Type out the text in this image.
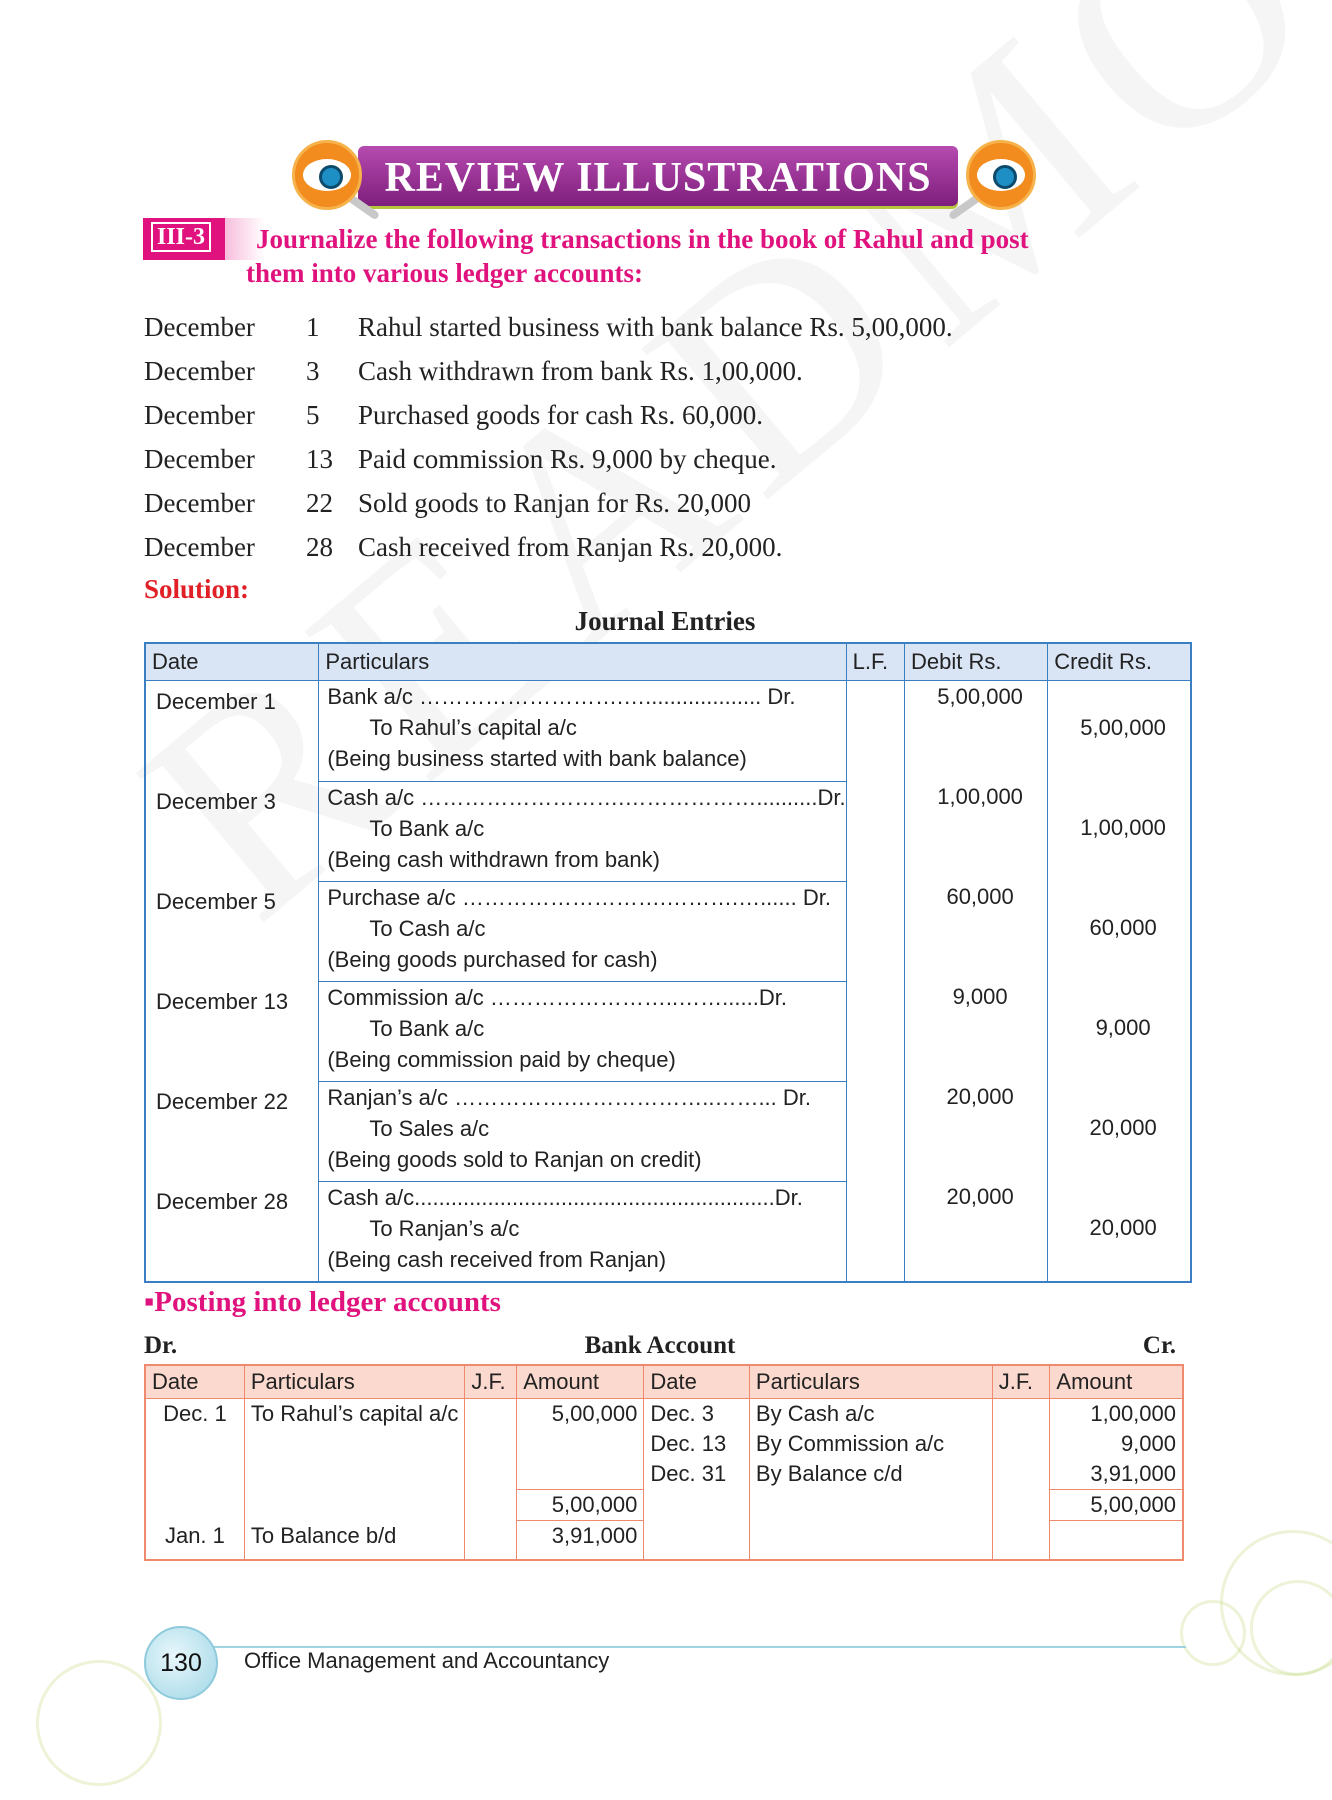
REVIEW ILLUSTRATIONS
III-3	Journalize the following transactions in the book of Rahul and post
them into various ledger accounts:
December 1 Rahul started business with bank balance Rs. 5,00,000.
December 3 Cash withdrawn from bank Rs. 1,00,000.
December 5 Purchased goods for cash Rs. 60,000.
December 13 Paid commission Rs. 9,000 by cheque.
December 22 Sold goods to Ranjan for Rs. 20,000
December 28 Cash received from Ranjan Rs. 20,000.
Solution:
Journal Entries
Date	Particulars	L.F.	Debit Rs.	Credit Rs.
December 1	Bank a/c ……………………….…................... Dr.
To Rahul’s capital a/c
(Being business started with bank balance)		5,00,000	5,00,000

December 3	Cash a/c ……………………….………………..........Dr.
To Bank a/c
(Being cash withdrawn from bank)		1,00,000	1,00,000

December 5	Purchase a/c ……………………….……….…...... Dr.
To Cash a/c
(Being goods purchased for cash)		60,000	60,000

December 13	Commission a/c ……………………..……......Dr.
To Bank a/c
(Being commission paid by cheque)		9,000	9,000

December 22	Ranjan’s a/c …………….………………..……... Dr.
To Sales a/c
(Being goods sold to Ranjan on credit)		20,000	20,000

December 28	Cash a/c...........................................................Dr.
To Ranjan’s a/c
(Being cash received from Ranjan)		20,000	20,000
▪Posting into ledger accounts
Dr.	Bank Account	Cr.
Date	Particulars	J.F.	Amount	Date	Particulars	J.F.	Amount
Dec. 1	To Rahul’s capital a/c		5,00,000	Dec. 3	By Cash a/c		1,00,000
				Dec. 13	By Commission a/c		9,000
				Dec. 31	By Balance c/d		3,91,000
			5,00,000				5,00,000
Jan. 1	To Balance b/d		3,91,000				
130	Office Management and Accountancy
